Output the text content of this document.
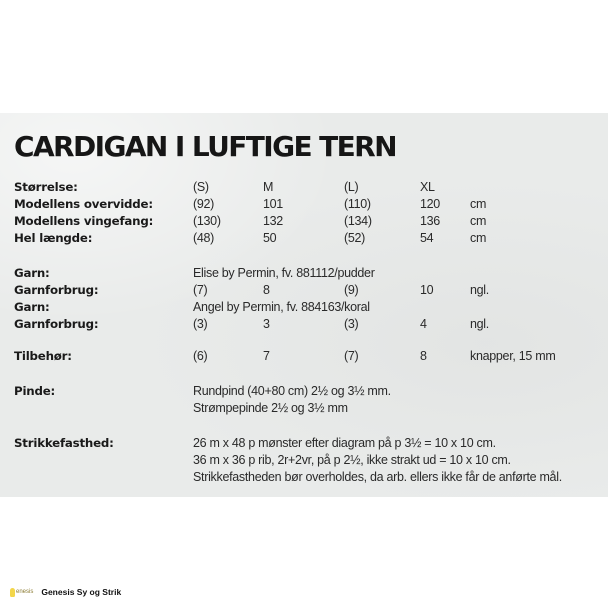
CARDIGAN I LUFTIGE TERN
Størrelse:	(S)	M	(L)	XL
Modellens overvidde:	(92)	101	(110)	120 cm
Modellens vingefang:	(130)	132	(134)	136 cm
Hel længde:	(48)	50	(52)	54	cm
Garn:	Elise by Permin, fv. 881112/pudder
Garnforbrug:	(7)	8	(9)	10	ngl.
Garn:	Angel by Permin, fv. 884163/koral
Garnforbrug:	(3)	3	(3)	4	ngl.
Tilbehør:	(6)	7	(7)	8	knapper, 15 mm
Pinde:	Rundpind (40+80 cm) 2½ og 3½ mm.
Strømpepinde 2½ og 3½ mm
Strikkefasthed:	26 m x 48 p mønster efter diagram på p 3½ = 10 x 10 cm.
36 m x 36 p rib, 2r+2vr, på p 2½, ikke strakt ud = 10 x 10 cm.
Strikkefastheden bør overholdes, da arb. ellers ikke får de anførte mål.
enesis Genesis Sy og Strik
